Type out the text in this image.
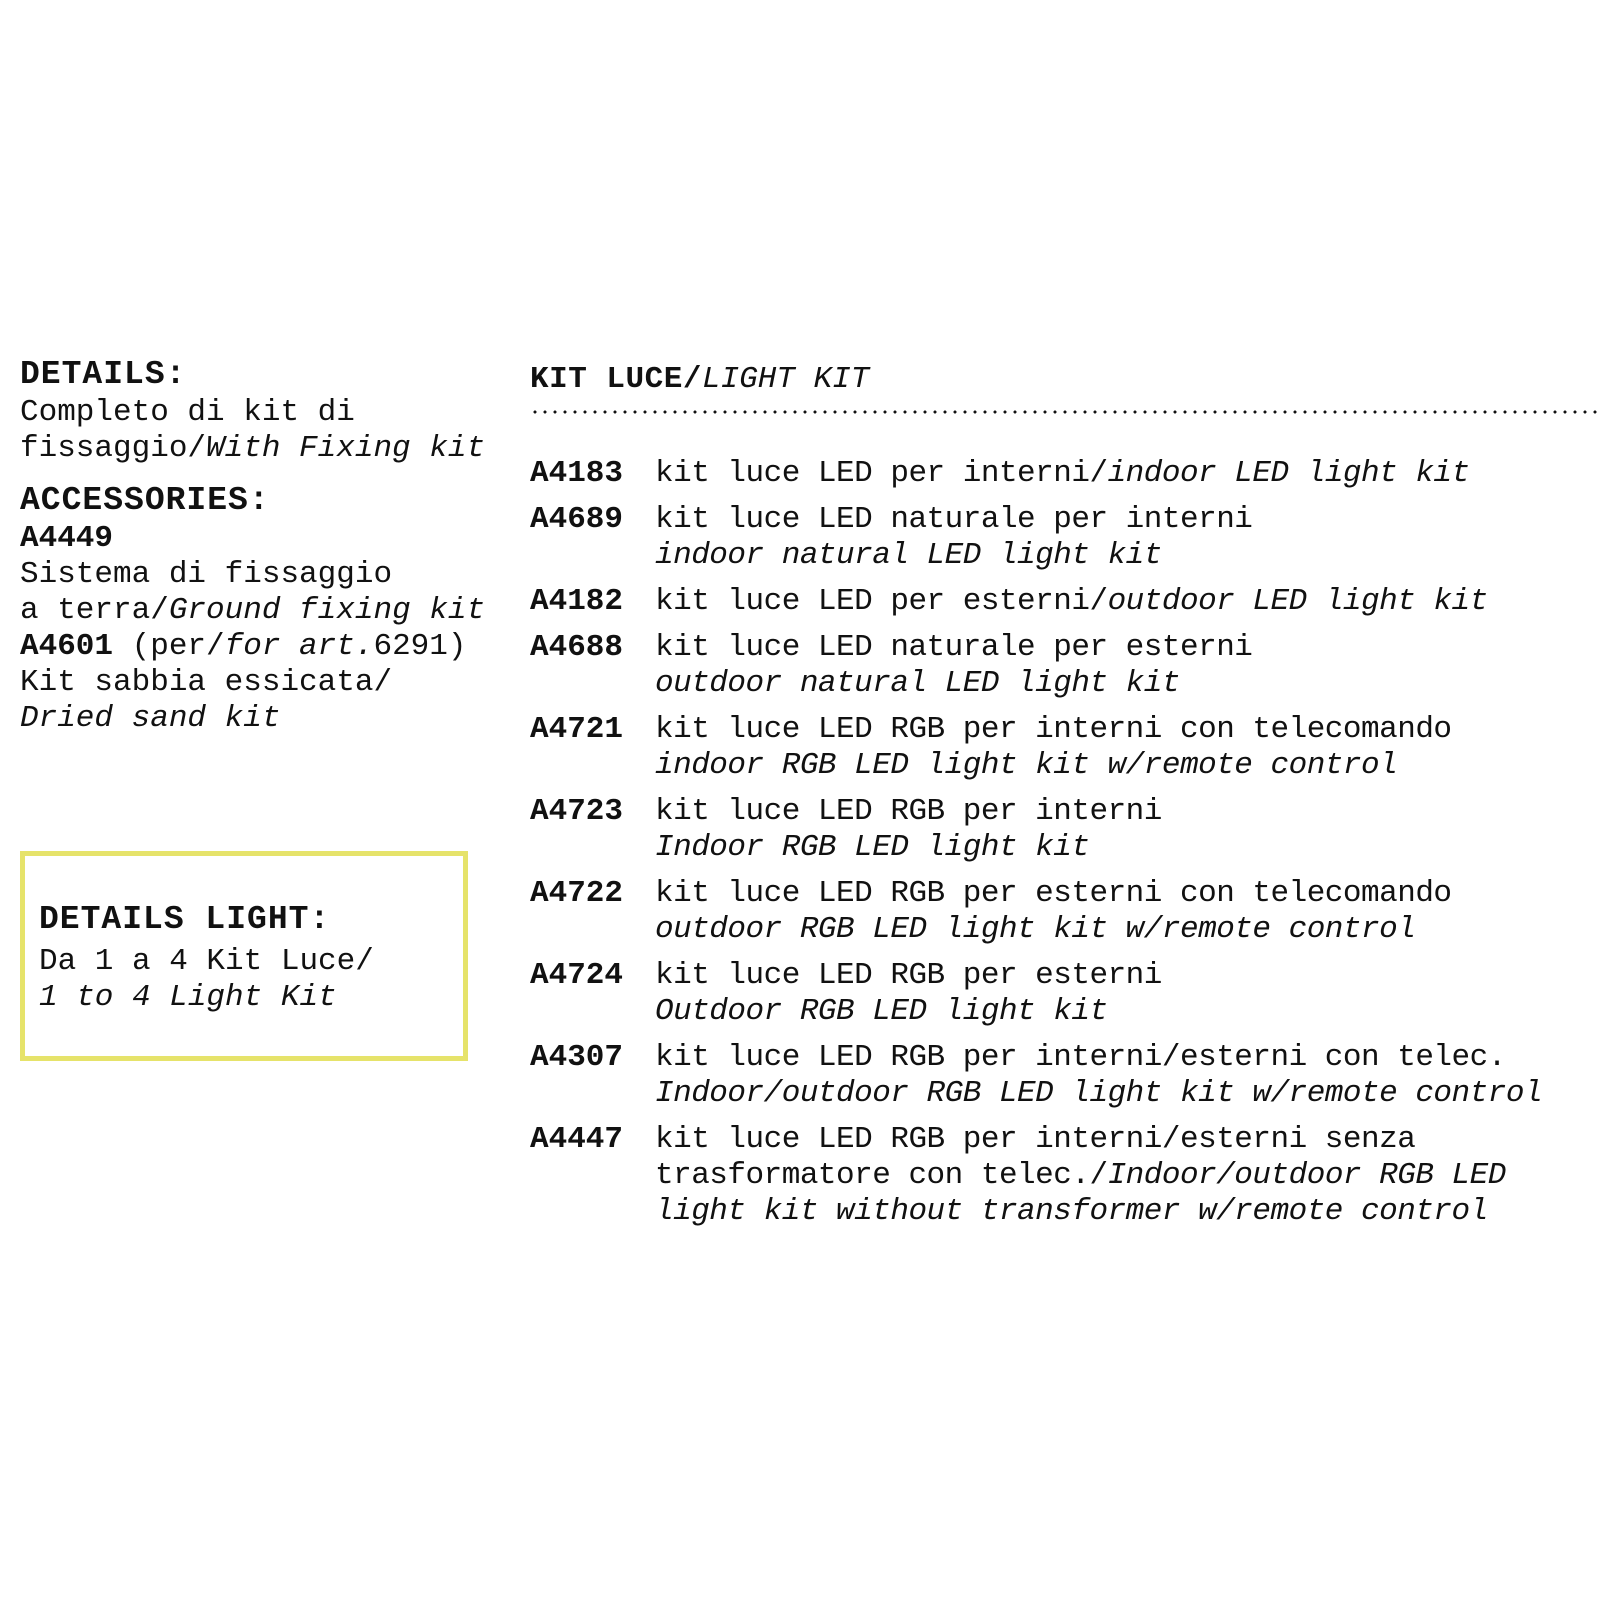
DETAILS:
Completo di kit di
fissaggio/With Fixing kit
ACCESSORIES:
A4449
Sistema di fissaggio
a terra/Ground fixing kit
A4601 (per/for art.6291)
Kit sabbia essicata/
Dried sand kit
DETAILS LIGHT:
Da 1 a 4 Kit Luce/
1 to 4 Light Kit
KIT LUCE/LIGHT KIT
A4183	kit luce LED per interni/indoor LED light kit
A4689	kit luce LED naturale per interni
indoor natural LED light kit
A4182	kit luce LED per esterni/outdoor LED light kit
A4688	kit luce LED naturale per esterni
outdoor natural LED light kit
A4721	kit luce LED RGB per interni con telecomando
indoor RGB LED light kit w/remote control
A4723	kit luce LED RGB per interni
Indoor RGB LED light kit
A4722	kit luce LED RGB per esterni con telecomando
outdoor RGB LED light kit w/remote control
A4724	kit luce LED RGB per esterni
Outdoor RGB LED light kit
A4307	kit luce LED RGB per interni/esterni con telec.
Indoor/outdoor RGB LED light kit w/remote control
A4447	kit luce LED RGB per interni/esterni senza
trasformatore con telec./Indoor/outdoor RGB LED
light kit without transformer w/remote control
